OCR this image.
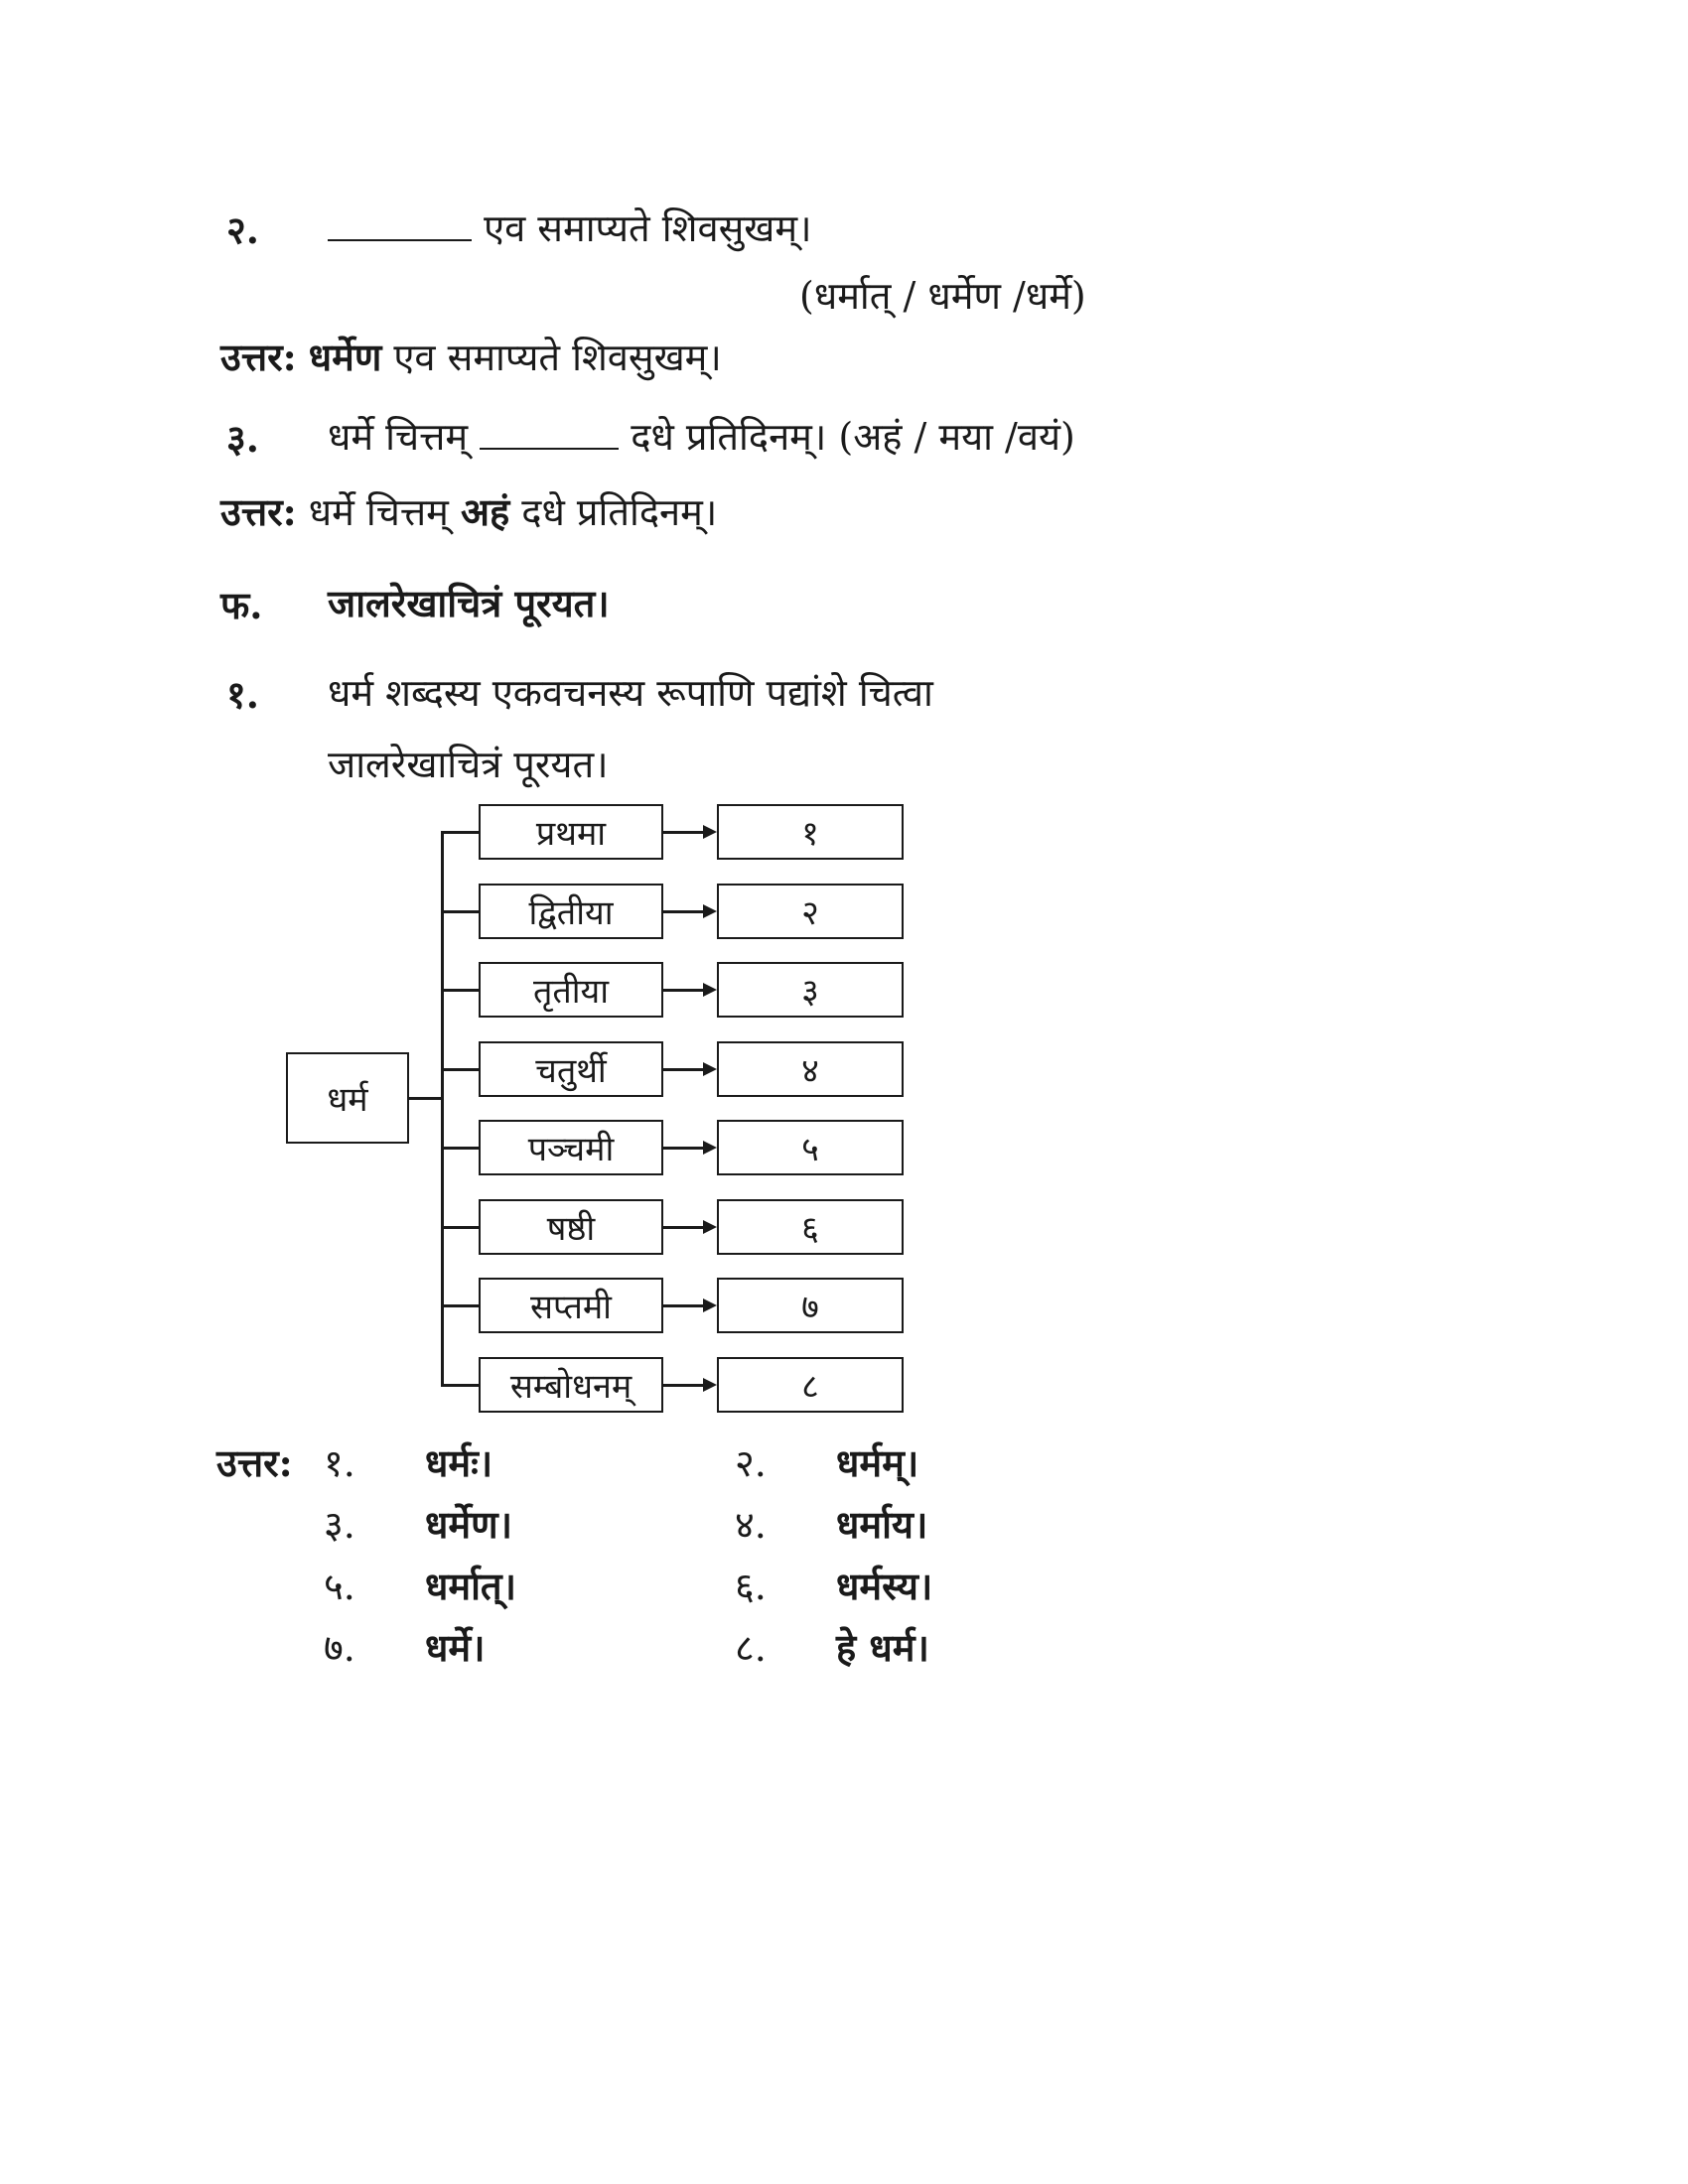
२.	एव समाप्यते शिवसुखम्।
(धर्मात् / धर्मेण /धर्मे)
उत्तर: धर्मेण एव समाप्यते शिवसुखम्।
३. धर्मे चित्तम्	दधे प्रतिदिनम्। (अहं / मया /वयं)
उत्तर: धर्मे चित्तम् अहं दधे प्रतिदिनम्।
फ. जालरेखाचित्रं पूरयत।
१. धर्म शब्दस्य एकवचनस्य रूपाणि पद्यांशे चित्वा
जालरेखाचित्रं पूरयत।
धर्म
प्रथमा	१
द्वितीया	२
तृतीया	३
चतुर्थी	४
पञ्चमी	५
षष्ठी	६
सप्तमी	७
सम्बोधनम्	८
उत्तर: १. धर्मः।	२. धर्मम्।
३. धर्मेण।	४. धर्माय।
५. धर्मात्।	६. धर्मस्य।
७. धर्मे।	८. हे धर्म।
